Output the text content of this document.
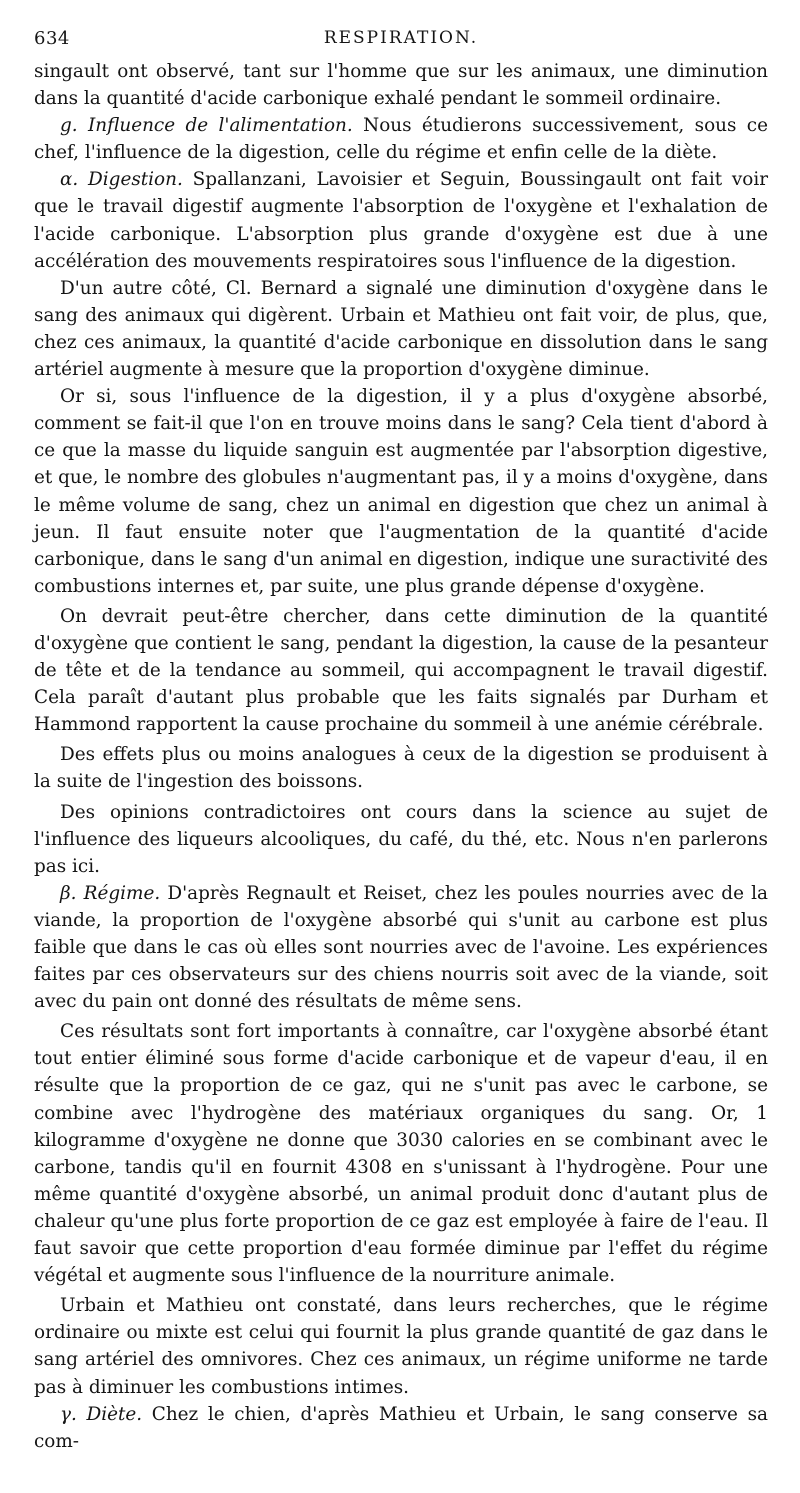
634	RESPIRATION.

singault ont observé, tant sur l'homme que sur les animaux, une diminution dans la quantité d'acide carbonique exhalé pendant le sommeil ordinaire.

g. Influence de l'alimentation. Nous étudierons successivement, sous ce chef, l'influence de la digestion, celle du régime et enfin celle de la diète.

α. Digestion. Spallanzani, Lavoisier et Seguin, Boussingault ont fait voir que le travail digestif augmente l'absorption de l'oxygène et l'exhalation de l'acide carbonique. L'absorption plus grande d'oxygène est due à une accélération des mouvements respiratoires sous l'influence de la digestion.

D'un autre côté, Cl. Bernard a signalé une diminution d'oxygène dans le sang des animaux qui digèrent. Urbain et Mathieu ont fait voir, de plus, que, chez ces animaux, la quantité d'acide carbonique en dissolution dans le sang artériel augmente à mesure que la proportion d'oxygène diminue.

Or si, sous l'influence de la digestion, il y a plus d'oxygène absorbé, comment se fait-il que l'on en trouve moins dans le sang? Cela tient d'abord à ce que la masse du liquide sanguin est augmentée par l'absorption digestive, et que, le nombre des globules n'augmentant pas, il y a moins d'oxygène, dans le même volume de sang, chez un animal en digestion que chez un animal à jeun. Il faut ensuite noter que l'augmentation de la quantité d'acide carbonique, dans le sang d'un animal en digestion, indique une suractivité des combustions internes et, par suite, une plus grande dépense d'oxygène.

On devrait peut-être chercher, dans cette diminution de la quantité d'oxygène que contient le sang, pendant la digestion, la cause de la pesanteur de tête et de la tendance au sommeil, qui accompagnent le travail digestif. Cela paraît d'autant plus probable que les faits signalés par Durham et Hammond rapportent la cause prochaine du sommeil à une anémie cérébrale.

Des effets plus ou moins analogues à ceux de la digestion se produisent à la suite de l'ingestion des boissons.

Des opinions contradictoires ont cours dans la science au sujet de l'influence des liqueurs alcooliques, du café, du thé, etc. Nous n'en parlerons pas ici.

β. Régime. D'après Regnault et Reiset, chez les poules nourries avec de la viande, la proportion de l'oxygène absorbé qui s'unit au carbone est plus faible que dans le cas où elles sont nourries avec de l'avoine. Les expériences faites par ces observateurs sur des chiens nourris soit avec de la viande, soit avec du pain ont donné des résultats de même sens.

Ces résultats sont fort importants à connaître, car l'oxygène absorbé étant tout entier éliminé sous forme d'acide carbonique et de vapeur d'eau, il en résulte que la proportion de ce gaz, qui ne s'unit pas avec le carbone, se combine avec l'hydrogène des matériaux organiques du sang. Or, 1 kilogramme d'oxygène ne donne que 3030 calories en se combinant avec le carbone, tandis qu'il en fournit 4308 en s'unissant à l'hydrogène. Pour une même quantité d'oxygène absorbé, un animal produit donc d'autant plus de chaleur qu'une plus forte proportion de ce gaz est employée à faire de l'eau. Il faut savoir que cette proportion d'eau formée diminue par l'effet du régime végétal et augmente sous l'influence de la nourriture animale.

Urbain et Mathieu ont constaté, dans leurs recherches, que le régime ordinaire ou mixte est celui qui fournit la plus grande quantité de gaz dans le sang artériel des omnivores. Chez ces animaux, un régime uniforme ne tarde pas à diminuer les combustions intimes.

γ. Diète. Chez le chien, d'après Mathieu et Urbain, le sang conserve sa com-
